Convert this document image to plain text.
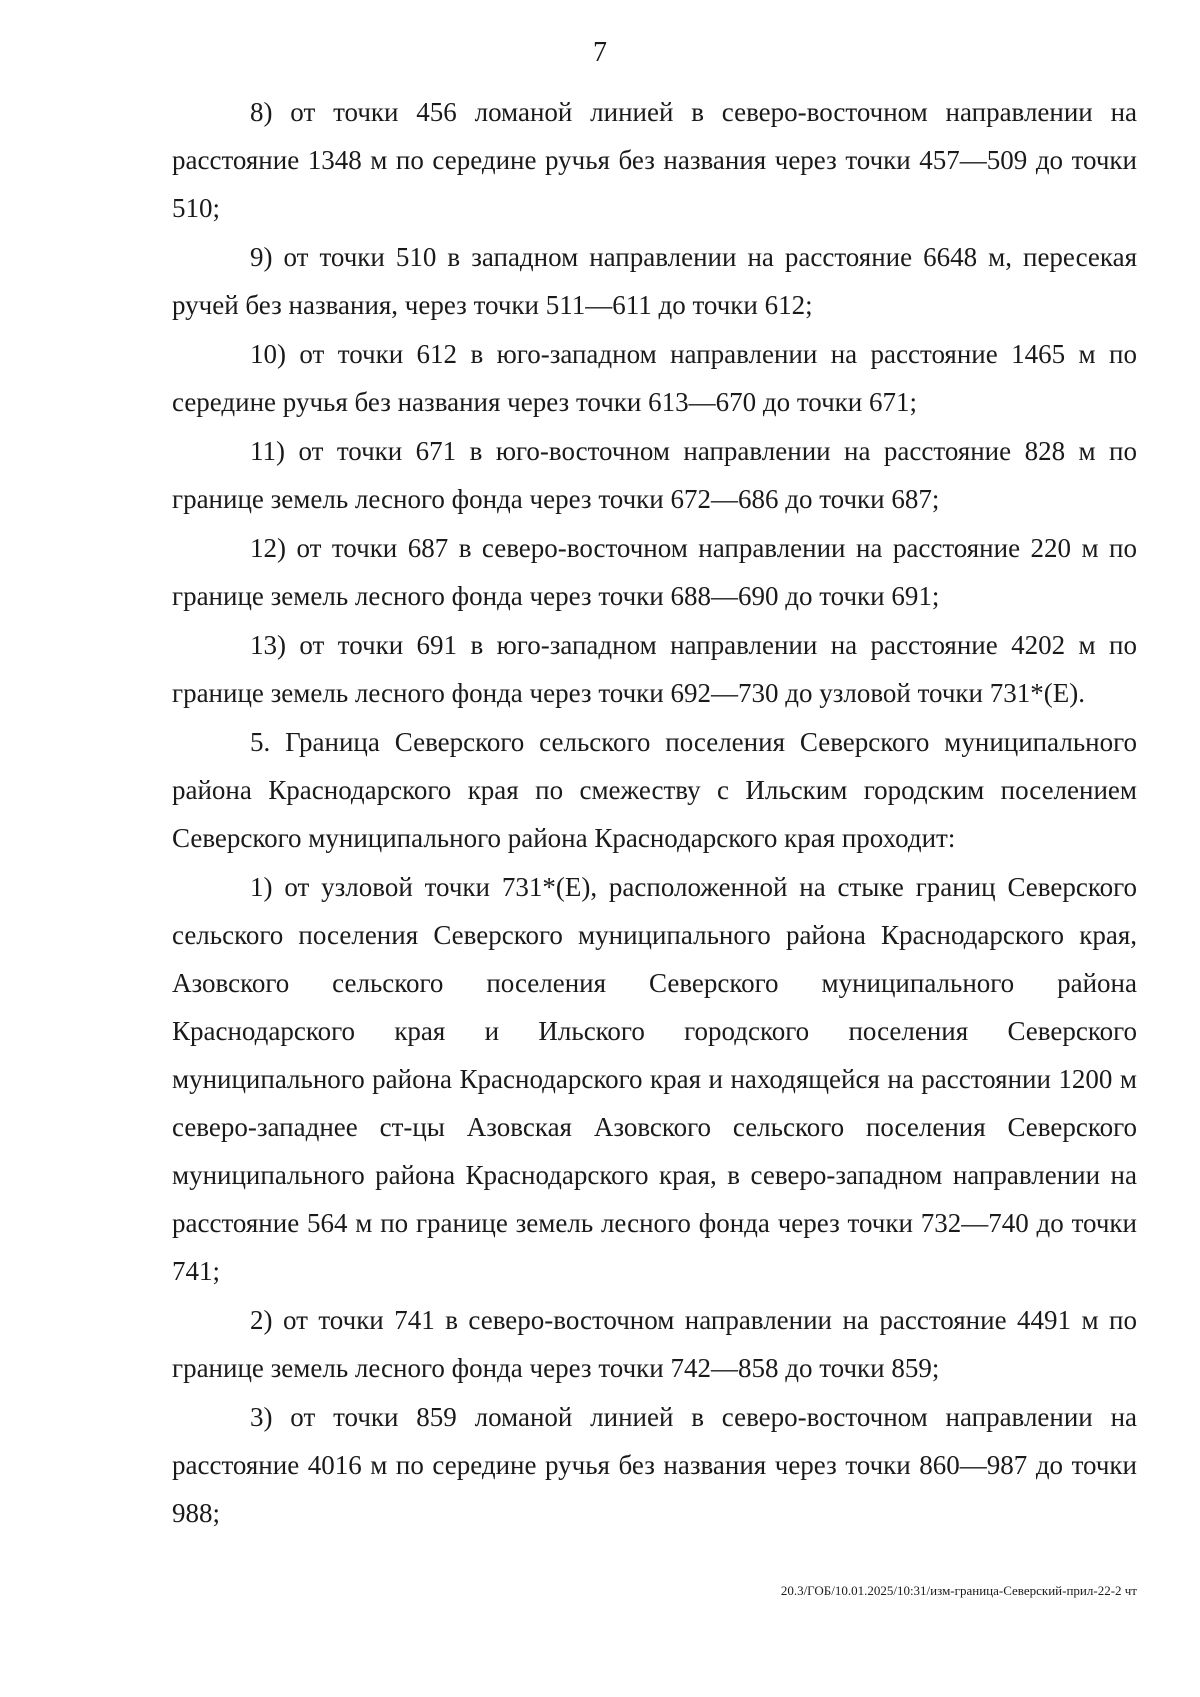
7

8) от точки 456 ломаной линией в северо-восточном направлении на расстояние 1348 м по середине ручья без названия через точки 457—509 до точки 510;

9) от точки 510 в западном направлении на расстояние 6648 м, пересекая ручей без названия, через точки 511—611 до точки 612;

10) от точки 612 в юго-западном направлении на расстояние 1465 м по середине ручья без названия через точки 613—670 до точки 671;

11) от точки 671 в юго-восточном направлении на расстояние 828 м по границе земель лесного фонда через точки 672—686 до точки 687;

12) от точки 687 в северо-восточном направлении на расстояние 220 м по границе земель лесного фонда через точки 688—690 до точки 691;

13) от точки 691 в юго-западном направлении на расстояние 4202 м по границе земель лесного фонда через точки 692—730 до узловой точки 731*(Е).

5. Граница Северского сельского поселения Северского муниципального района Краснодарского края по смежеству с Ильским городским поселением Северского муниципального района Краснодарского края проходит:

1) от узловой точки 731*(Е), расположенной на стыке границ Северского сельского поселения Северского муниципального района Краснодарского края, Азовского сельского поселения Северского муниципального района Краснодарского края и Ильского городского поселения Северского муниципального района Краснодарского края и находящейся на расстоянии 1200 м северо-западнее ст-цы Азовская Азовского сельского поселения Северского муниципального района Краснодарского края, в северо-западном направлении на расстояние 564 м по границе земель лесного фонда через точки 732—740 до точки 741;

2) от точки 741 в северо-восточном направлении на расстояние 4491 м по границе земель лесного фонда через точки 742—858 до точки 859;

3) от точки 859 ломаной линией в северо-восточном направлении на расстояние 4016 м по середине ручья без названия через точки 860—987 до точки 988;

20.3/ГОБ/10.01.2025/10:31/изм-граница-Северский-прил-22-2 чт
